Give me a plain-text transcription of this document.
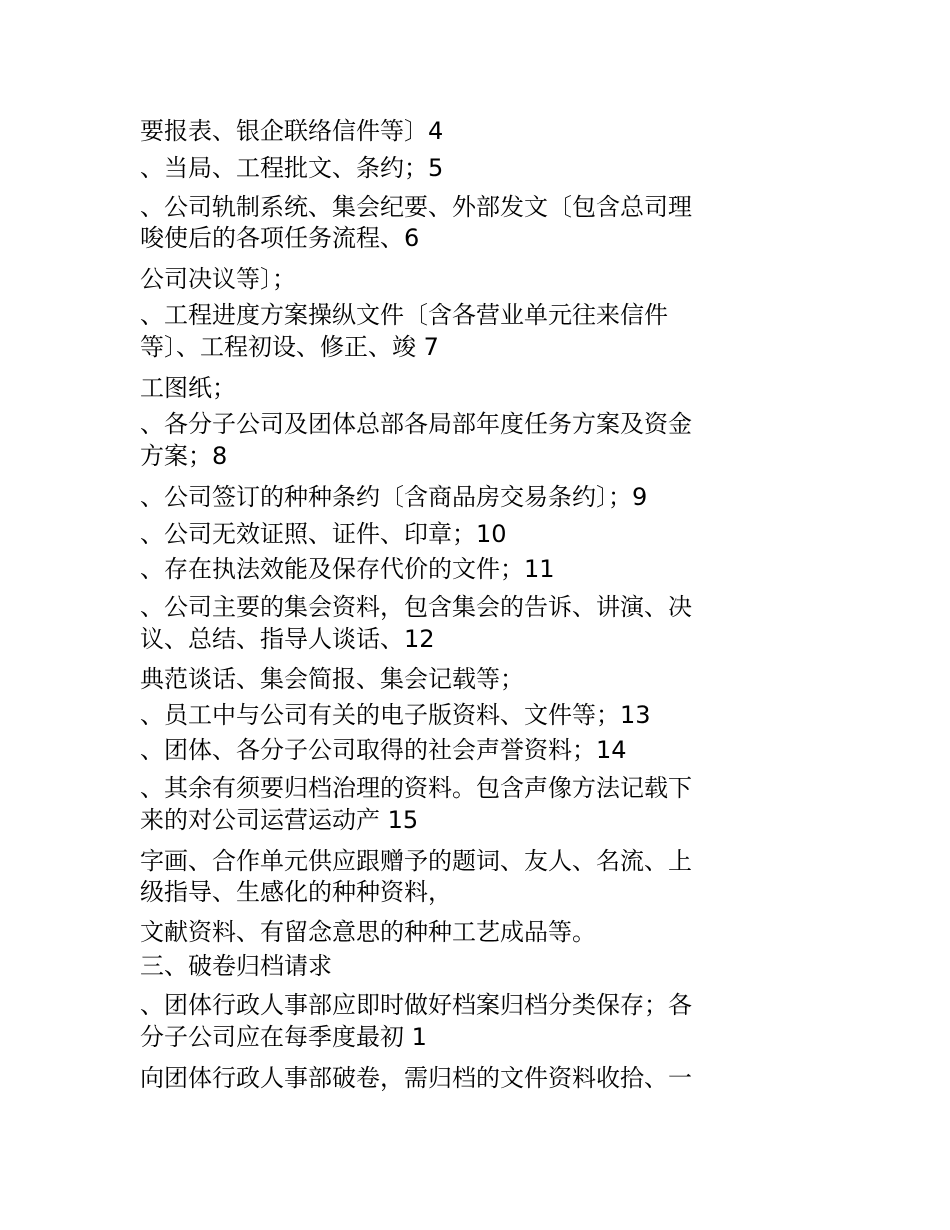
要报表、银企联络信件等〕4
、当局、工程批文、条约；5
、公司轨制系统、集会纪要、外部发文〔包含总司理
唆使后的各项任务流程、6
公司决议等〕；
、工程进度方案操纵文件〔含各营业单元往来信件
等〕、工程初设、修正、竣 7
工图纸；
、各分子公司及团体总部各局部年度任务方案及资金
方案；8
、公司签订的种种条约〔含商品房交易条约〕；9
、公司无效证照、证件、印章；10
、存在执法效能及保存代价的文件；11
、公司主要的集会资料，包含集会的告诉、讲演、决
议、总结、指导人谈话、12
典范谈话、集会简报、集会记载等；
、员工中与公司有关的电子版资料、文件等；13
、团体、各分子公司取得的社会声誉资料；14
、其余有须要归档治理的资料。包含声像方法记载下
来的对公司运营运动产 15
字画、合作单元供应跟赠予的题词、友人、名流、上
级指导、生感化的种种资料，
文献资料、有留念意思的种种工艺成品等。
三、破卷归档请求
、团体行政人事部应即时做好档案归档分类保存；各
分子公司应在每季度最初 1
向团体行政人事部破卷，需归档的文件资料收拾、一
